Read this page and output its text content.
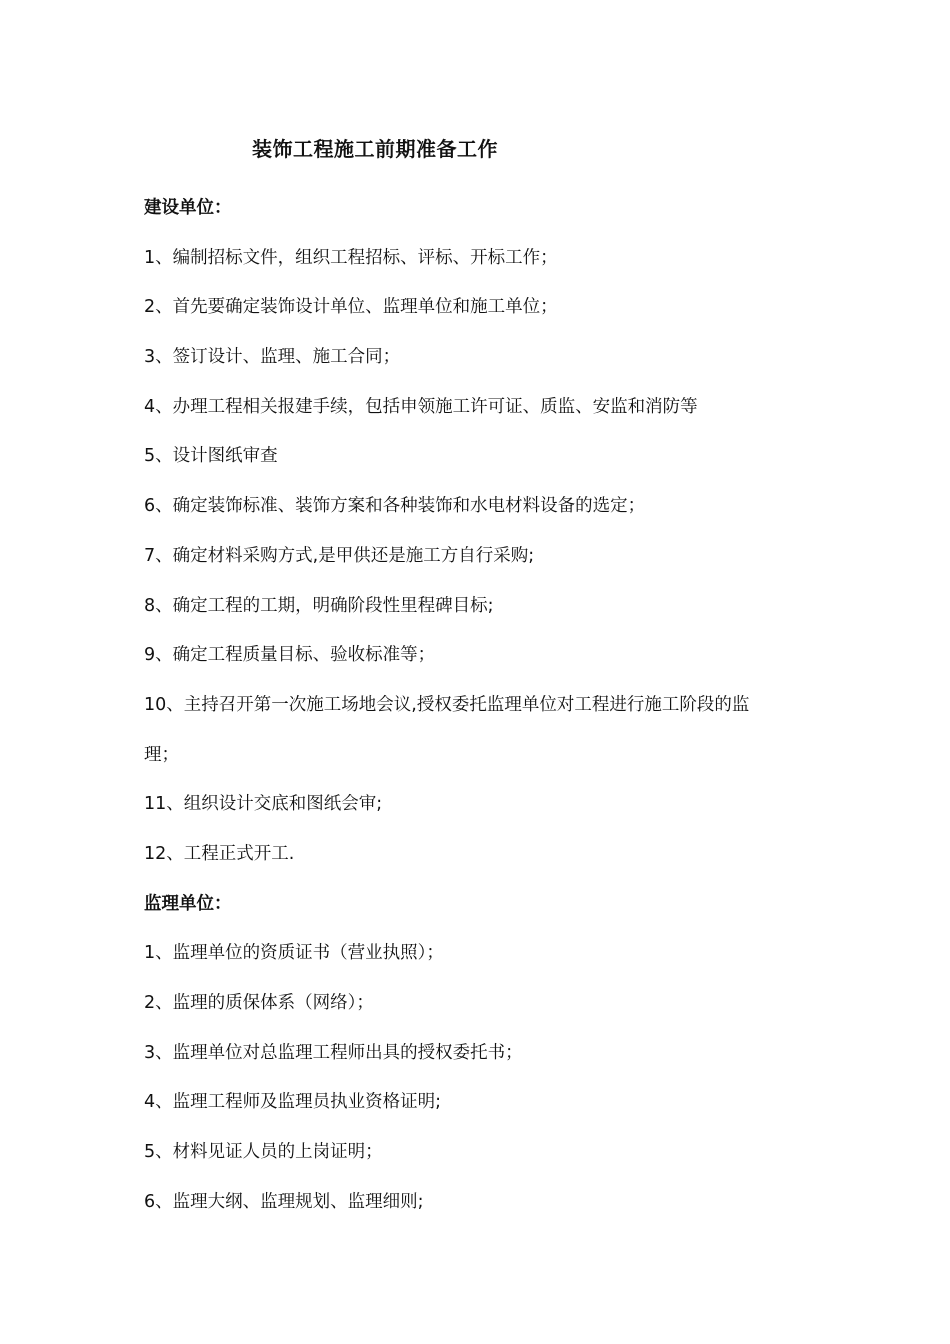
装饰工程施工前期准备工作
建设单位：
1、编制招标文件，组织工程招标、评标、开标工作；
2、首先要确定装饰设计单位、监理单位和施工单位；
3、签订设计、监理、施工合同；
4、办理工程相关报建手续，包括申领施工许可证、质监、安监和消防等
5、设计图纸审查
6、确定装饰标准、装饰方案和各种装饰和水电材料设备的选定；
7、确定材料采购方式,是甲供还是施工方自行采购;
8、确定工程的工期，明确阶段性里程碑目标;
9、确定工程质量目标、验收标准等；
10、主持召开第一次施工场地会议,授权委托监理单位对工程进行施工阶段的监
理；
11、组织设计交底和图纸会审;
12、工程正式开工.
监理单位：
1、监理单位的资质证书（营业执照）；
2、监理的质保体系（网络）；
3、监理单位对总监理工程师出具的授权委托书；
4、监理工程师及监理员执业资格证明;
5、材料见证人员的上岗证明；
6、监理大纲、监理规划、监理细则;
